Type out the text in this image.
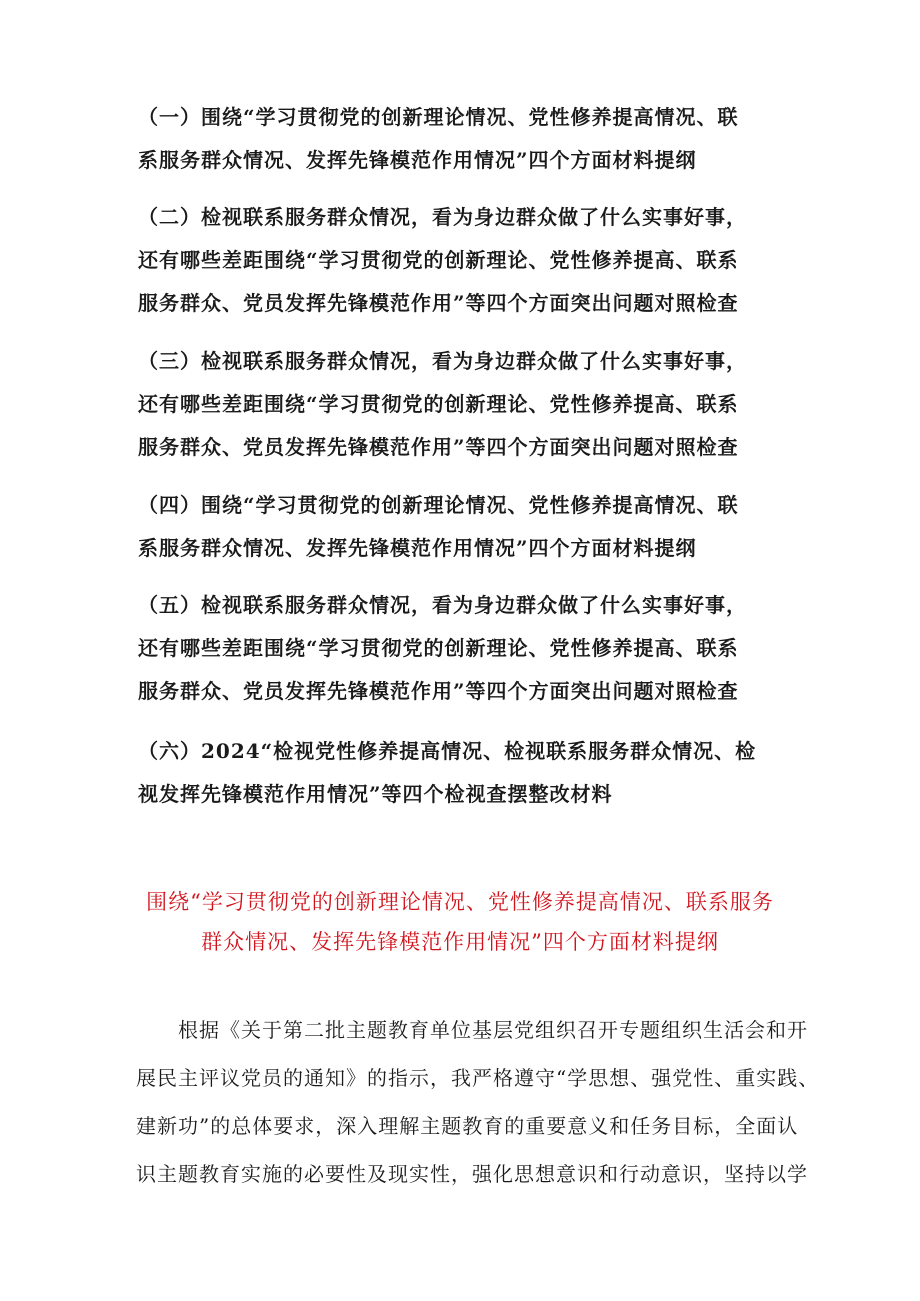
（一）围绕“学习贯彻党的创新理论情况、党性修养提高情况、联
系服务群众情况、发挥先锋模范作用情况”四个方面材料提纲
（二）检视联系服务群众情况，看为身边群众做了什么实事好事，
还有哪些差距围绕“学习贯彻党的创新理论、党性修养提高、联系
服务群众、党员发挥先锋模范作用”等四个方面突出问题对照检查
（三）检视联系服务群众情况，看为身边群众做了什么实事好事，
还有哪些差距围绕“学习贯彻党的创新理论、党性修养提高、联系
服务群众、党员发挥先锋模范作用”等四个方面突出问题对照检查
（四）围绕“学习贯彻党的创新理论情况、党性修养提高情况、联
系服务群众情况、发挥先锋模范作用情况”四个方面材料提纲
（五）检视联系服务群众情况，看为身边群众做了什么实事好事，
还有哪些差距围绕“学习贯彻党的创新理论、党性修养提高、联系
服务群众、党员发挥先锋模范作用”等四个方面突出问题对照检查
（六）2024“检视党性修养提高情况、检视联系服务群众情况、检
视发挥先锋模范作用情况”等四个检视查摆整改材料
围绕“学习贯彻党的创新理论情况、党性修养提高情况、联系服务
群众情况、发挥先锋模范作用情况”四个方面材料提纲
　　根据《关于第二批主题教育单位基层党组织召开专题组织生活会和开
展民主评议党员的通知》的指示，我严格遵守“学思想、强党性、重实践、
建新功”的总体要求，深入理解主题教育的重要意义和任务目标，全面认
识主题教育实施的必要性及现实性，强化思想意识和行动意识，坚持以学
